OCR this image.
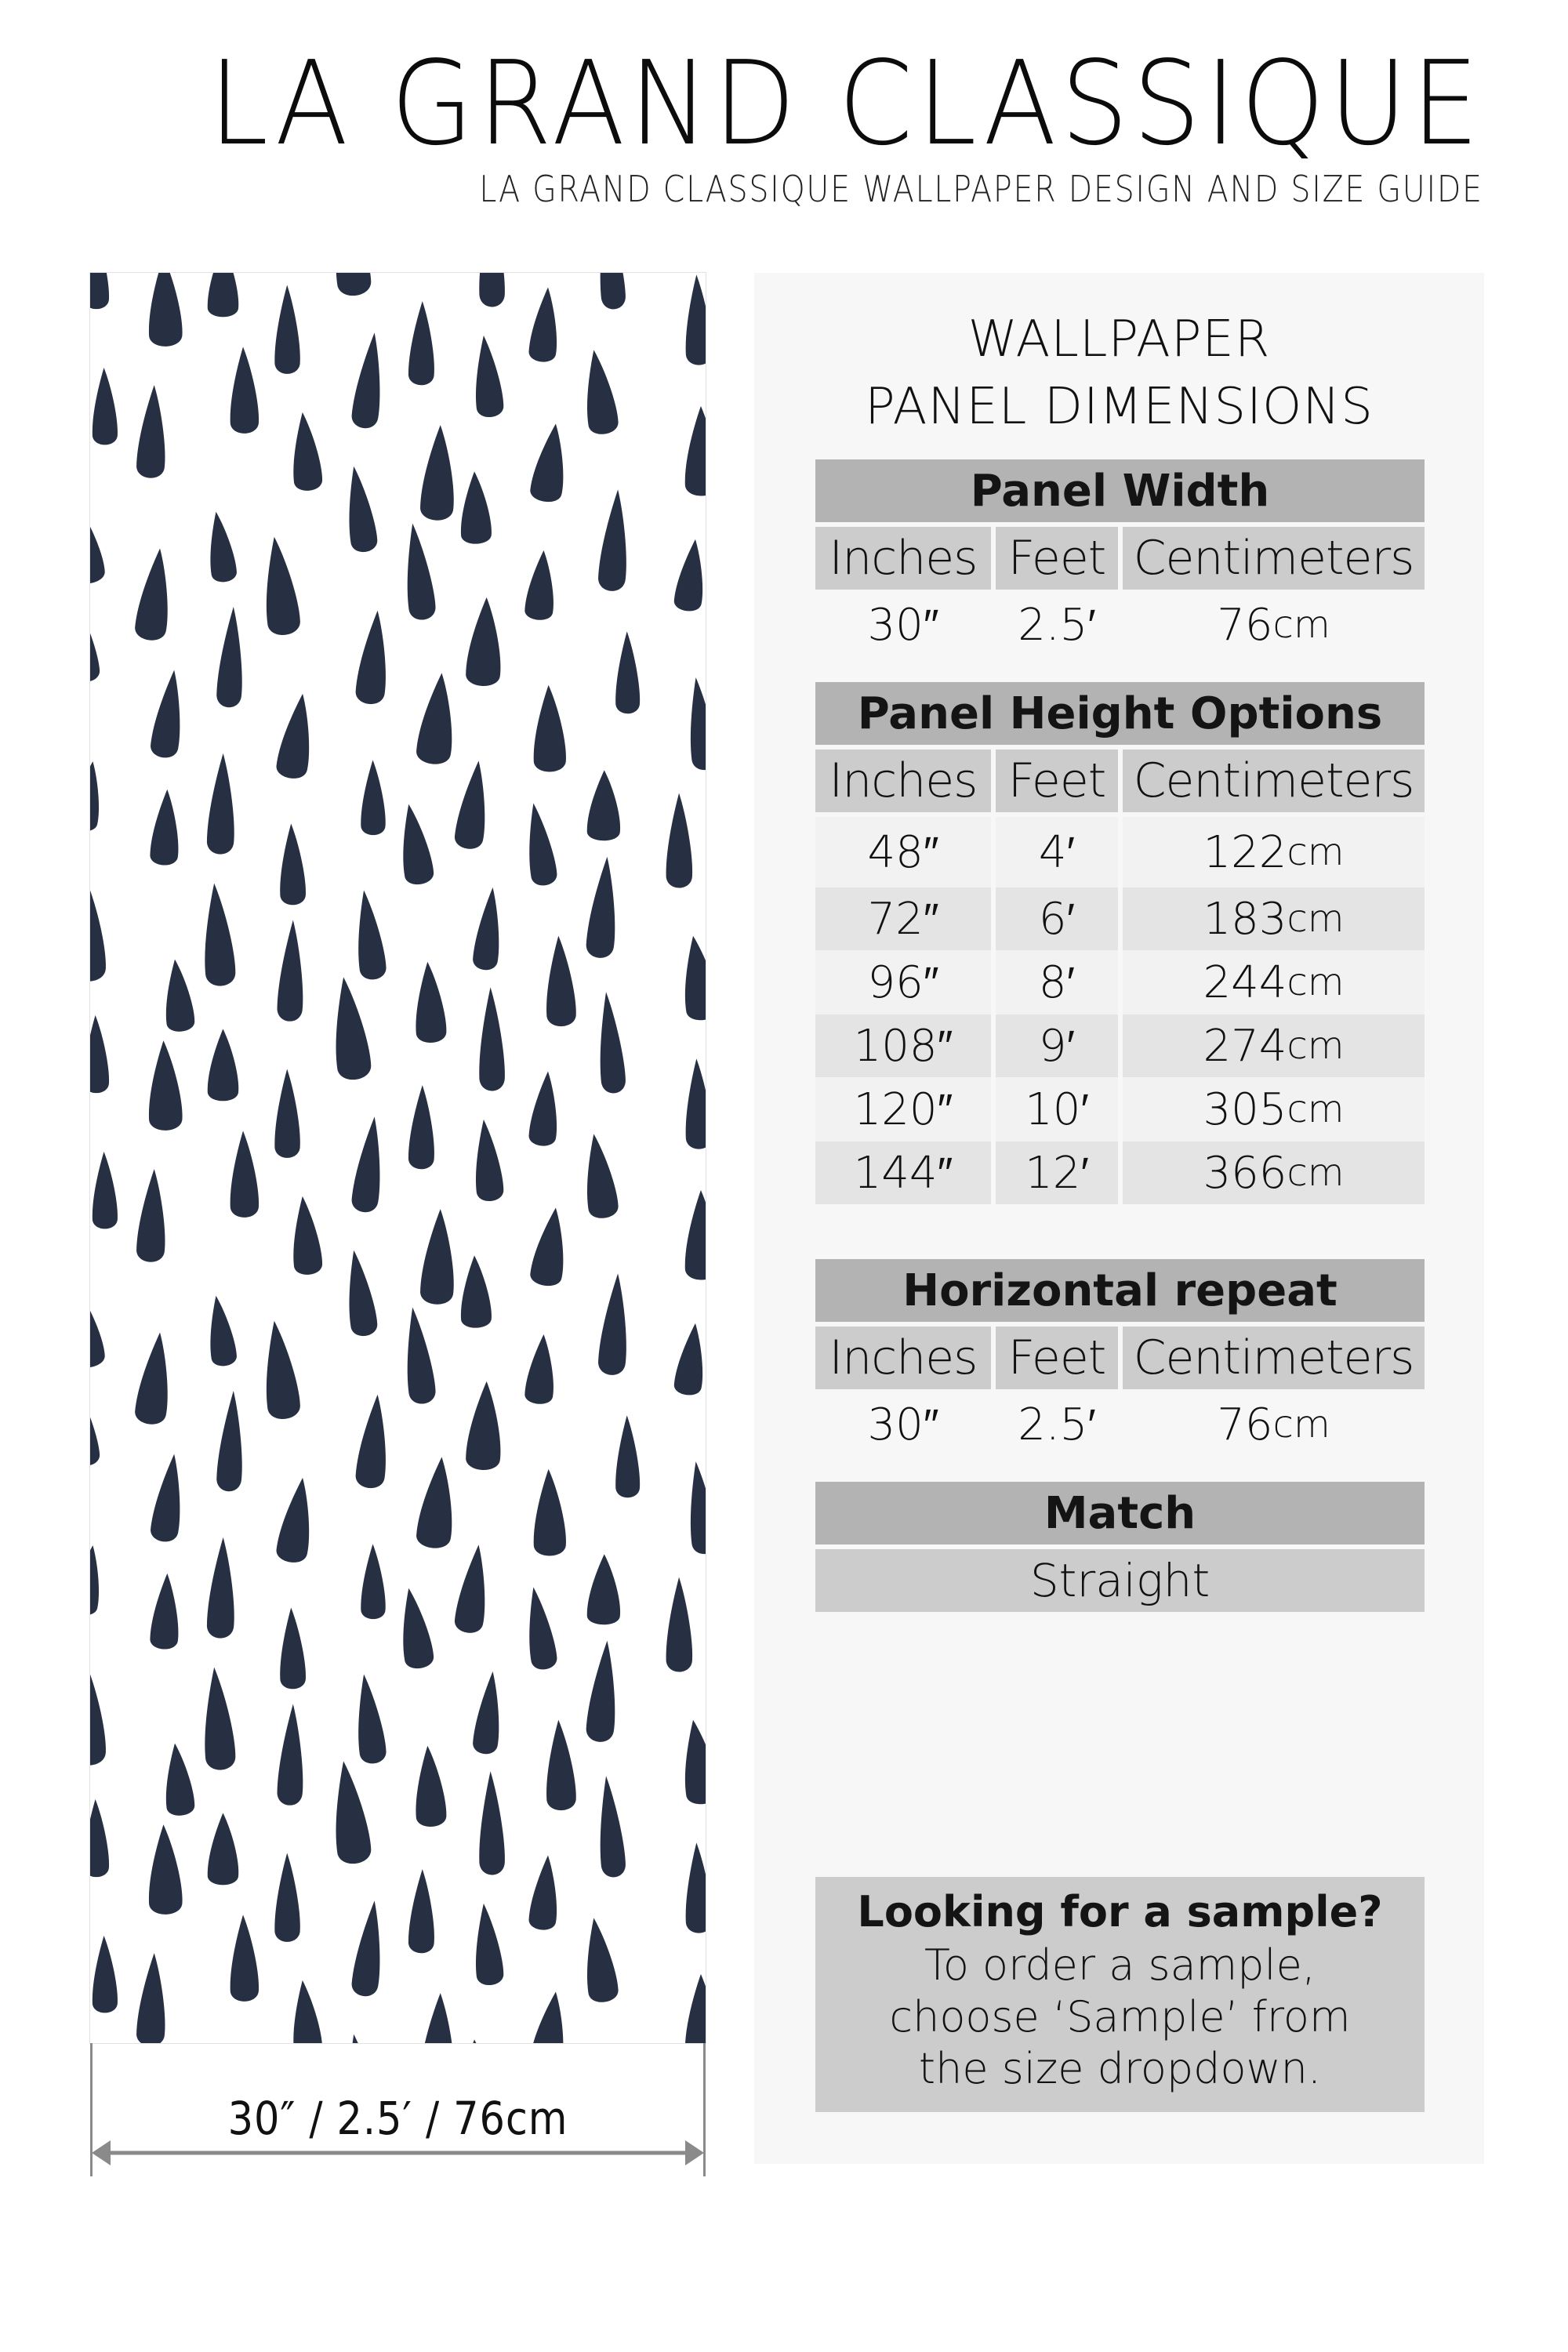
LA GRAND CLASSIQUE
LA GRAND CLASSIQUE WALLPAPER DESIGN AND SIZE GUIDE
30″ / 2.5′ / 76cm
WALLPAPER
PANEL DIMENSIONS
Panel Width
Inches Feet Centimeters
30″	2.5′	76 cm
Panel Height Options
Inches Feet Centimeters
48″	4′	122 cm
72″	6′	183 cm
96″	8′	244 cm
108″	9′	274 cm
120″	10′	305 cm
144″	12′	366 cm
Horizontal repeat
Inches Feet Centimeters
30″	2.5′	76 cm
Match
Straight
Looking for a sample?
To order a sample,
choose ‘Sample’ from
the size dropdown.
